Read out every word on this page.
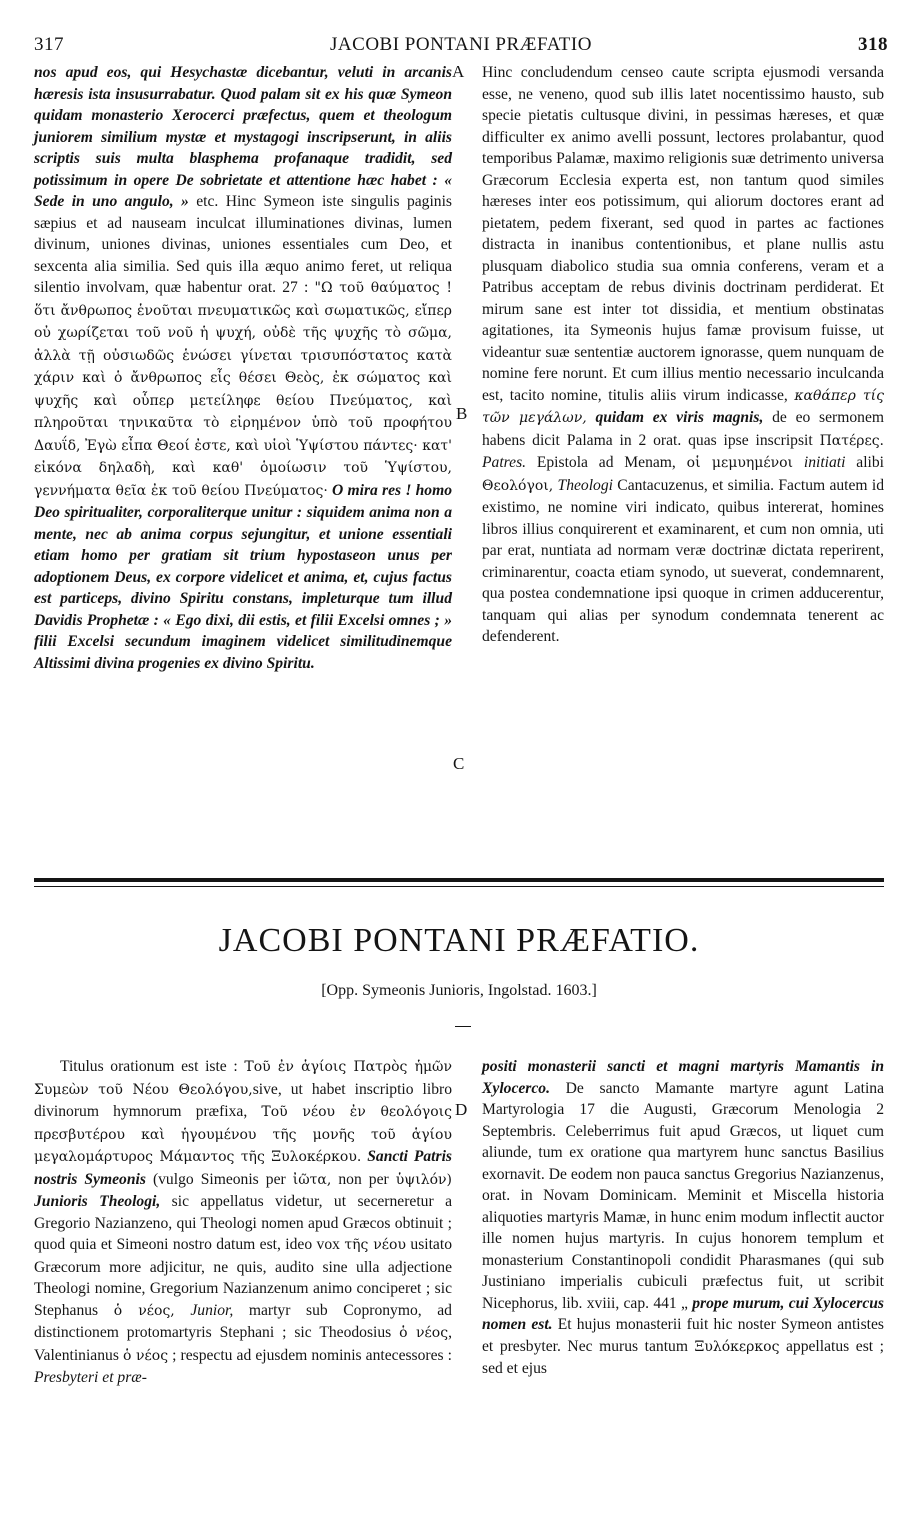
317	JACOBI PONTANI PRÆFATIO	318
A
B
C
D

nos apud eos, qui Hesychastæ dicebantur, veluti in arcanis hæresis ista insusurrabatur. Quod palam sit ex his quæ Symeon quidam monasterio Xerocerci præfectus, quem et theologum juniorem similium mystæ et mystagogi inscripserunt, in aliis scriptis suis multa blasphema profanaque tradidit, sed potissimum in opere De sobrietate et attentione hæc habet : « Sede in uno angulo, » etc. Hinc Symeon iste singulis paginis sæpius et ad nauseam inculcat illuminationes divinas, lumen divinum, uniones divinas, uniones essentiales cum Deo, et sexcenta alia similia. Sed quis illa æquo animo feret, ut reliqua silentio involvam, quæ habentur orat. 27 : "Ω τοῦ θαύματος ! ὅτι ἄνθρωπος ἑνοῦται πνευματικῶς καὶ σωματικῶς, εἴπερ οὐ χωρίζεται τοῦ νοῦ ἡ ψυχή, οὐδὲ τῆς ψυχῆς τὸ σῶμα, ἀλλὰ τῇ οὐσιωδῶς ἑνώσει γίνεται τρισυπόστατος κατὰ χάριν καὶ ὁ ἄνθρωπος εἷς θέσει Θεὸς, ἐκ σώματος καὶ ψυχῆς καὶ οὗπερ μετείληφε θείου Πνεύματος, καὶ πληροῦται τηνικαῦτα τὸ εἰρημένον ὑπὸ τοῦ προφήτου Δαυΐδ, Ἐγὼ εἶπα Θεοί ἐστε, καὶ υἱοὶ Ὑψίστου πάντες· κατ' εἰκόνα δηλαδὴ, καὶ καθ' ὁμοίωσιν τοῦ Ὑψίστου, γεννήματα θεῖα ἐκ τοῦ θείου Πνεύματος· O mira res ! homo Deo spiritualiter, corporaliterque unitur : siquidem anima non a mente, nec ab anima corpus sejungitur, et unione essentiali etiam homo per gratiam sit trium hypostaseon unus per adoptionem Deus, ex corpore videlicet et anima, et, cujus factus est particeps, divino Spiritu constans, impleturque tum illud Davidis Prophetæ : « Ego dixi, dii estis, et filii Excelsi omnes ; » filii Excelsi secundum imaginem videlicet similitudinemque Altissimi divina progenies ex divino Spiritu.

Hinc concludendum censeo caute scripta ejusmodi versanda esse, ne veneno, quod sub illis latet nocentissimo hausto, sub specie pietatis cultusque divini, in pessimas hæreses, et quæ difficulter ex animo avelli possunt, lectores prolabantur, quod temporibus Palamæ, maximo religionis suæ detrimento universa Græcorum Ecclesia experta est, non tantum quod similes hæreses inter eos potissimum, qui aliorum doctores erant ad pietatem, pedem fixerant, sed quod in partes ac factiones distracta in inanibus contentionibus, et plane nullis astu plusquam diabolico studia sua omnia conferens, veram et a Patribus acceptam de rebus divinis doctrinam perdiderat. Et mirum sane est inter tot dissidia, et mentium obstinatas agitationes, ita Symeonis hujus famæ provisum fuisse, ut videantur suæ sententiæ auctorem ignorasse, quem nunquam de nomine fere norunt. Et cum illius mentio necessario inculcanda est, tacito nomine, titulis aliis virum indicasse, καθάπερ τίς τῶν μεγάλων, quidam ex viris magnis, de eo sermonem habens dicit Palama in 2 orat. quas ipse inscripsit Πατέρες. Patres. Epistola ad Menam, οἱ μεμυημένοι initiati alibi Θεολόγοι, Theologi Cantacuzenus, et similia. Factum autem id existimo, ne nomine viri indicato, quibus intererat, homines libros illius conquirerent et examinarent, et cum non omnia, uti par erat, nuntiata ad normam veræ doctrinæ dictata reperirent, criminarentur, coacta etiam synodo, ut sueverat, condemnarent, qua postea condemnatione ipsi quoque in crimen adducerentur, tanquam qui alias per synodum condemnata tenerent ac defenderent.

JACOBI PONTANI PRÆFATIO.
[Opp. Symeonis Junioris, Ingolstad. 1603.]

Titulus orationum est iste : Τοῦ ἐν ἁγίοις Πατρὸς ἡμῶν Συμεὼν τοῦ Νέου Θεολόγου,sive, ut habet inscriptio libro divinorum hymnorum præfixa, Τοῦ νέου ἐν θεολόγοις πρεσβυτέρου καὶ ἡγουμένου τῆς μονῆς τοῦ ἁγίου μεγαλομάρτυρος Μάμαντος τῆς Ξυλοκέρκου. Sancti Patris nostris Symeonis (vulgo Simeonis per ἰῶτα, non per ὑψιλόν) Junioris Theologi, sic appellatus videtur, ut secerneretur a Gregorio Nazianzeno, qui Theologi nomen apud Græcos obtinuit ; quod quia et Simeoni nostro datum est, ideo vox τῆς νέου usitato Græcorum more adjicitur, ne quis, audito sine ulla adjectione Theologi nomine, Gregorium Nazianzenum animo conciperet ; sic Stephanus ὁ νέος, Junior, martyr sub Copronymo, ad distinctionem protomartyris Stephani ; sic Theodosius ὁ νέος, Valentinianus ὁ νέος ; respectu ad ejusdem nominis antecessores : Presbyteri et præ-

positi monasterii sancti et magni martyris Mamantis in Xylocerco. De sancto Mamante martyre agunt Latina Martyrologia 17 die Augusti, Græcorum Menologia 2 Septembris. Celeberrimus fuit apud Græcos, ut liquet cum aliunde, tum ex oratione qua martyrem hunc sanctus Basilius exornavit. De eodem non pauca sanctus Gregorius Nazianzenus, orat. in Novam Dominicam. Meminit et Miscella historia aliquoties martyris Mamæ, in hunc enim modum inflectit auctor ille nomen hujus martyris. In cujus honorem templum et monasterium Constantinopoli condidit Pharasmanes (qui sub Justiniano imperialis cubiculi præfectus fuit, ut scribit Nicephorus, lib. xviii, cap. 441 „ prope murum, cui Xylocercus nomen est. Et hujus monasterii fuit hic noster Symeon antistes et presbyter. Nec murus tantum Ξυλόκερκος appellatus est ; sed et ejus
